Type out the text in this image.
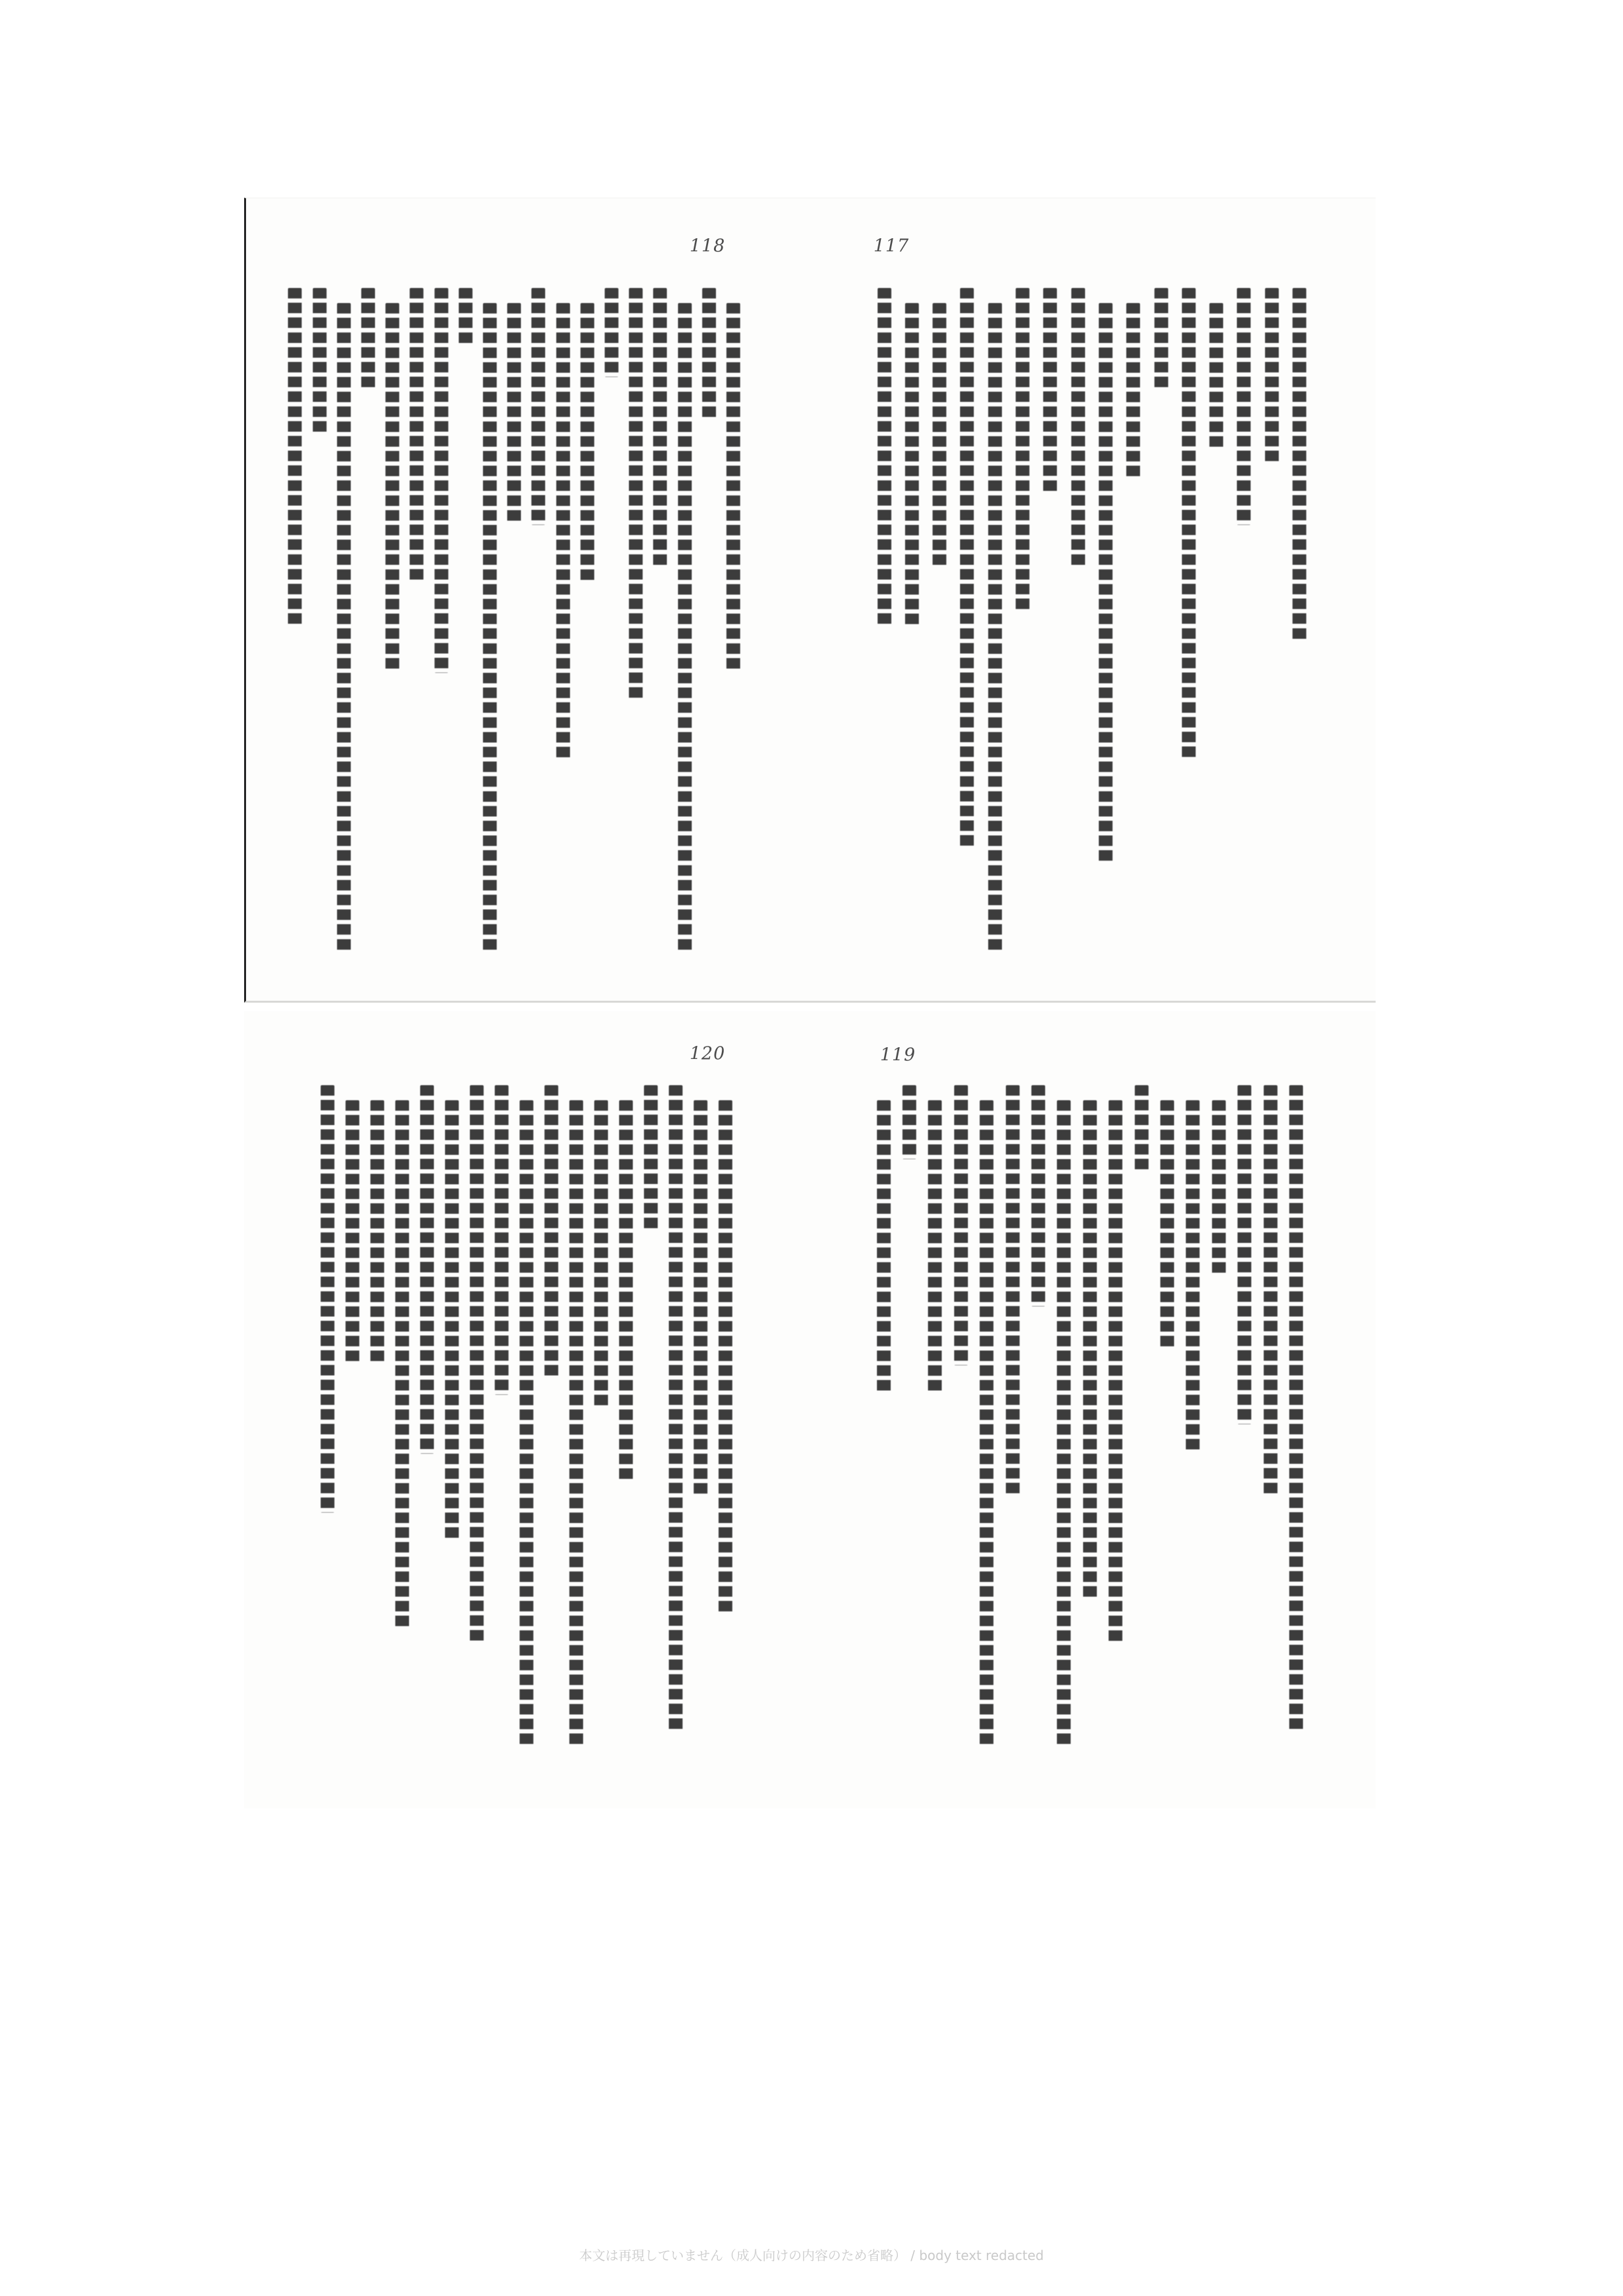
117
118
119
120
本文は再現していません（成人向けの内容のため省略） / body text redacted
